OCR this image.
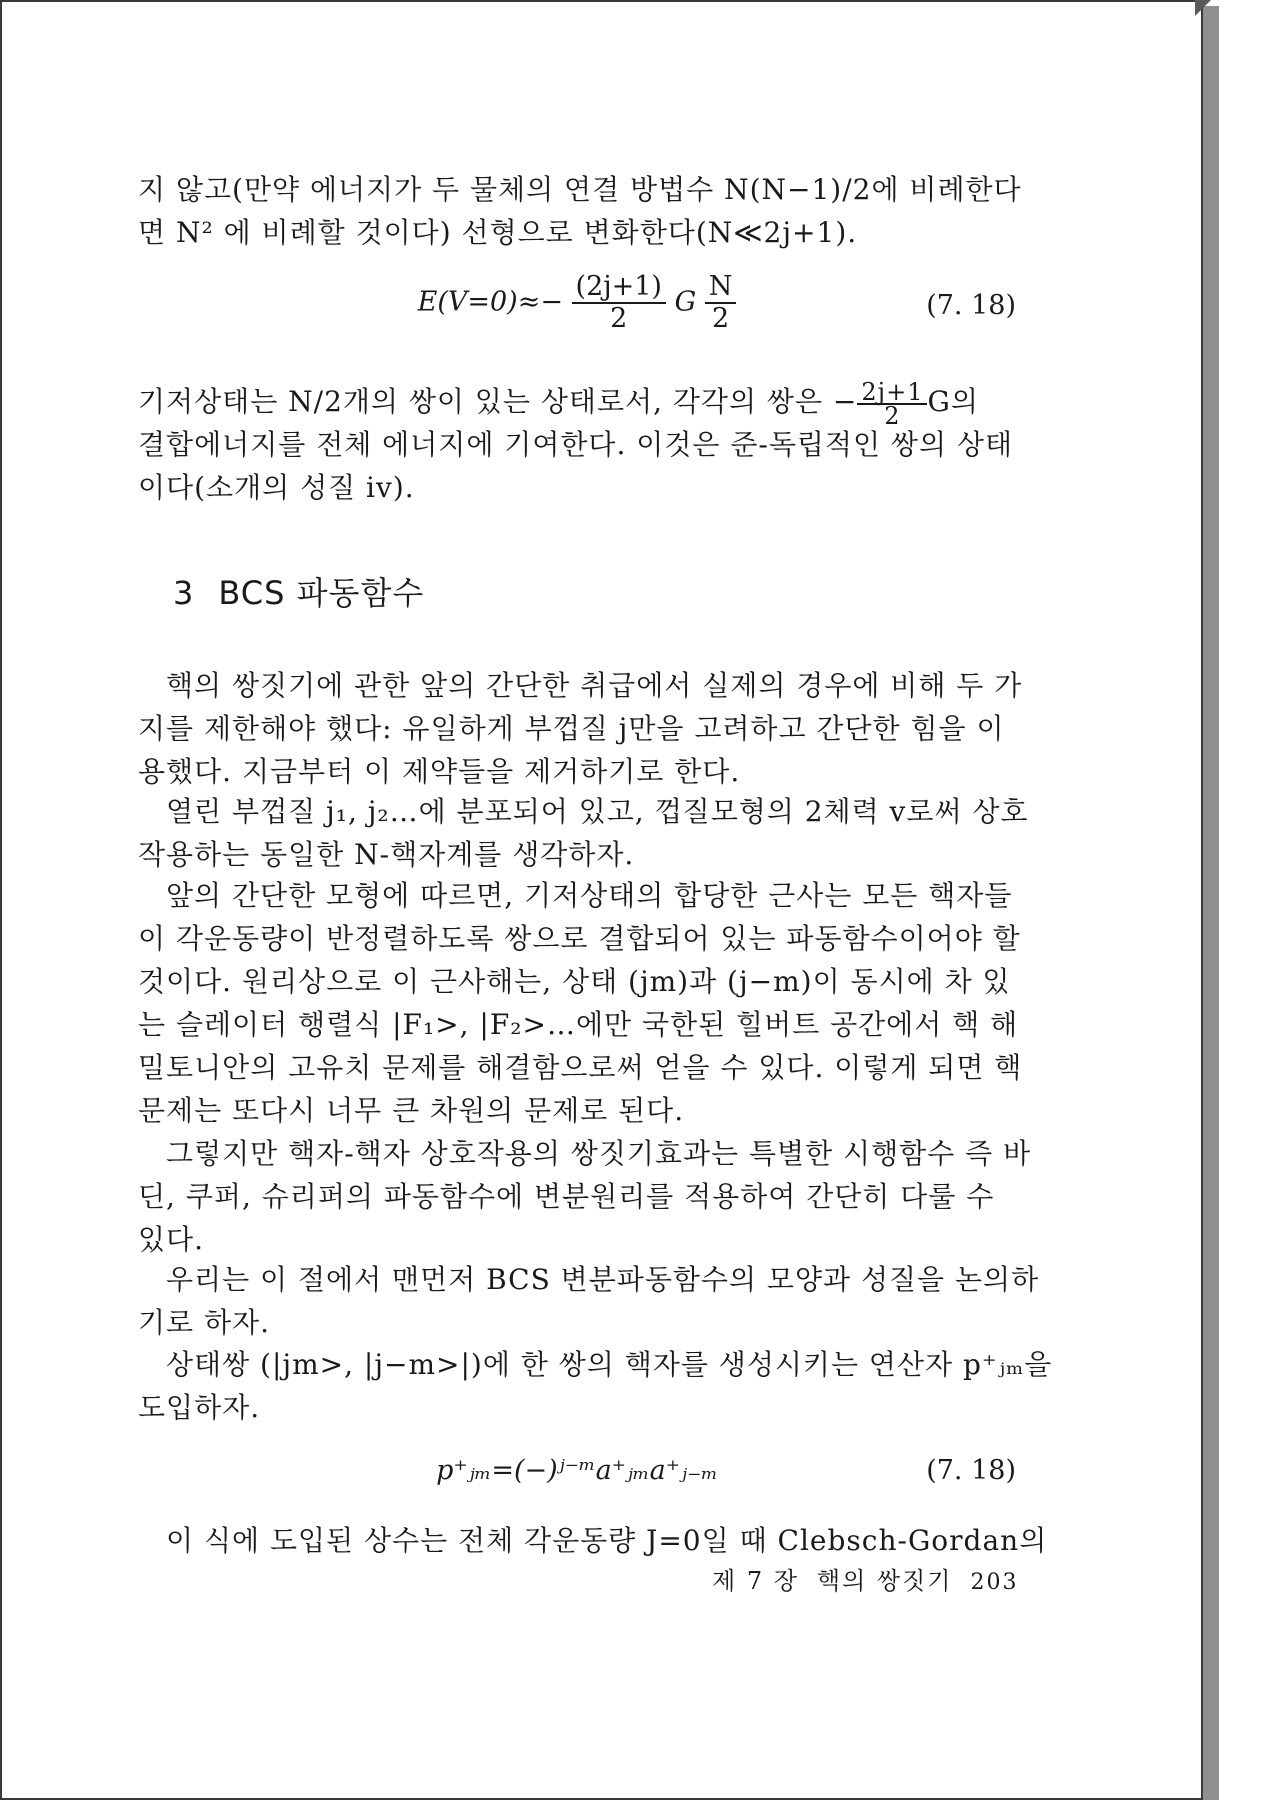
지 않고(만약 에너지가 두 물체의 연결 방법수 N(N−1)/2에 비례한다
면 N² 에 비례할 것이다) 선형으로 변화한다(N≪2j+1).
$E(V=0)\approx- \frac{(2j+1)}{2}$ G $\frac{N}{2}$	(7. 18)
기저상태는 N/2개의 쌍이 있는 상태로서, 각각의 쌍은 − $\frac{2j+1}{2}$ G의
결합에너지를 전체 에너지에 기여한다. 이것은 준-독립적인 쌍의 상태
이다(소개의 성질 iv).
3 BCS 파동함수
핵의 쌍짓기에 관한 앞의 간단한 취급에서 실제의 경우에 비해 두 가
지를 제한해야 했다: 유일하게 부껍질 j만을 고려하고 간단한 힘을 이
용했다. 지금부터 이 제약들을 제거하기로 한다.
열린 부껍질 j₁, j₂…에 분포되어 있고, 껍질모형의 2체력 v로써 상호
작용하는 동일한 N-핵자계를 생각하자.
앞의 간단한 모형에 따르면, 기저상태의 합당한 근사는 모든 핵자들
이 각운동량이 반정렬하도록 쌍으로 결합되어 있는 파동함수이어야 할
것이다. 원리상으로 이 근사해는, 상태 (jm)과 (j−m)이 동시에 차 있
는 슬레이터 행렬식 |F₁>, |F₂>…에만 국한된 힐버트 공간에서 핵 해
밀토니안의 고유치 문제를 해결함으로써 얻을 수 있다. 이렇게 되면 핵
문제는 또다시 너무 큰 차원의 문제로 된다.
그렇지만 핵자-핵자 상호작용의 쌍짓기효과는 특별한 시행함수 즉 바
딘, 쿠퍼, 슈리퍼의 파동함수에 변분원리를 적용하여 간단히 다룰 수
있다.
우리는 이 절에서 맨먼저 BCS 변분파동함수의 모양과 성질을 논의하
기로 하자.
상태쌍 (|jm>, |j−m>|)에 한 쌍의 핵자를 생성시키는 연산자 p⁺ⱼₘ을
도입하자.
p⁺ⱼₘ=(−)ʲ⁻ᵐa⁺ⱼₘa⁺ⱼ₋ₘ	(7. 18)
이 식에 도입된 상수는 전체 각운동량 J=0일 때 Clebsch-Gordan의
제 7 장 핵의 쌍짓기 203
